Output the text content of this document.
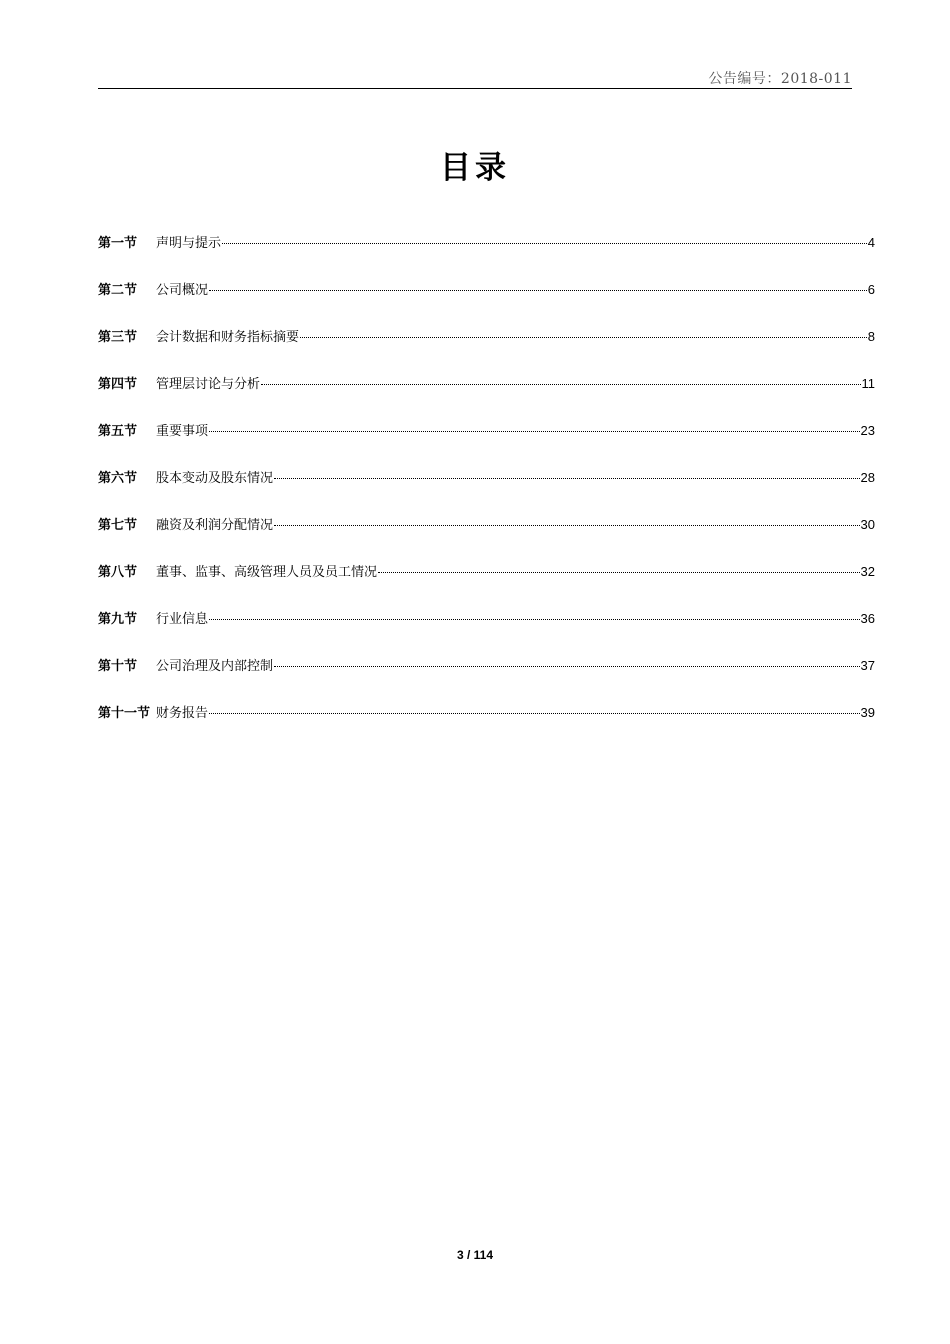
公告编号：2018-011
目录
第一节	声明与提示	4
第二节	公司概况	6
第三节	会计数据和财务指标摘要	8
第四节	管理层讨论与分析	11
第五节	重要事项	23
第六节	股本变动及股东情况	28
第七节	融资及利润分配情况	30
第八节	董事、监事、高级管理人员及员工情况	32
第九节	行业信息	36
第十节	公司治理及内部控制	37
第十一节 财务报告	39
3 / 114
